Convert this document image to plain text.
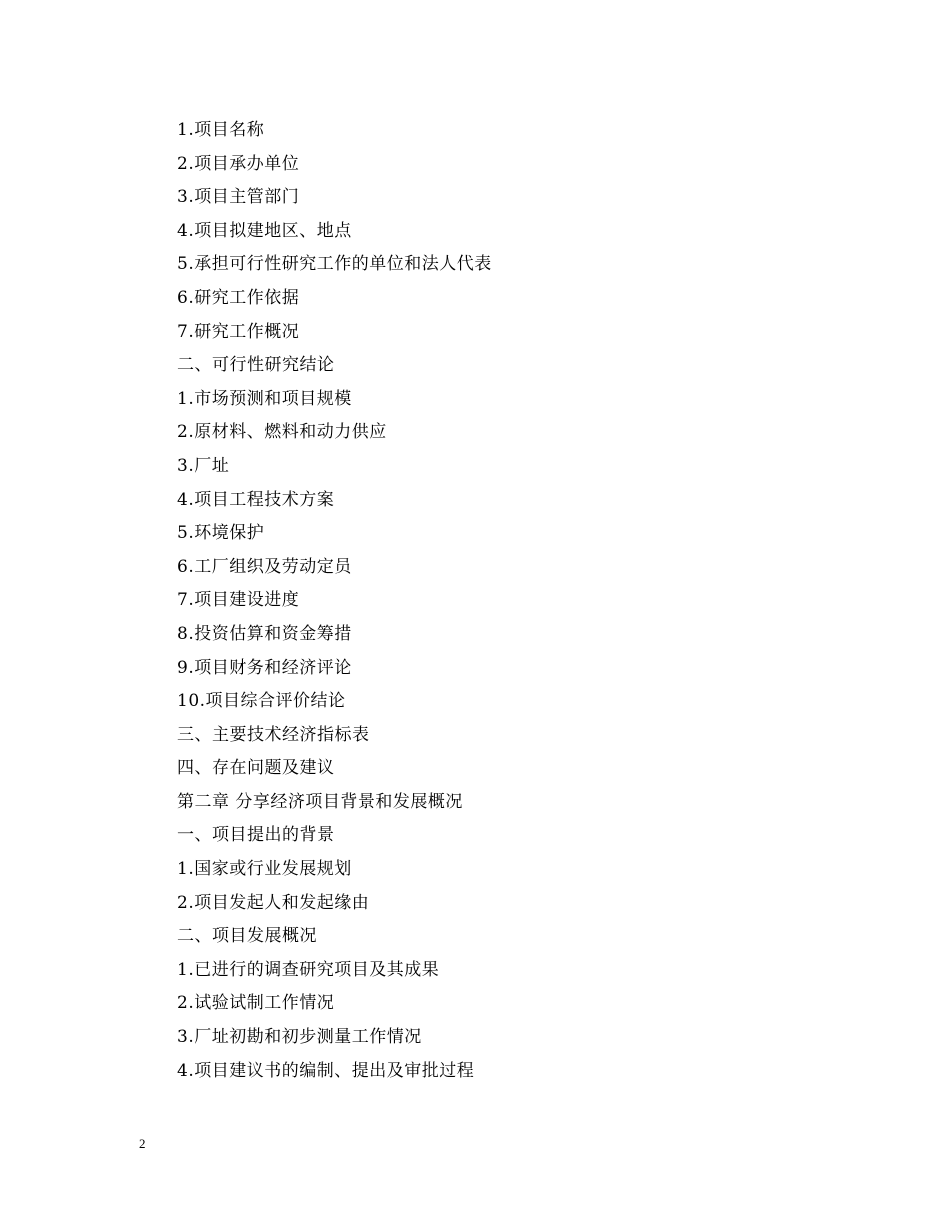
1.项目名称
2.项目承办单位
3.项目主管部门
4.项目拟建地区、地点
5.承担可行性研究工作的单位和法人代表
6.研究工作依据
7.研究工作概况
二、可行性研究结论
1.市场预测和项目规模
2.原材料、燃料和动力供应
3.厂址
4.项目工程技术方案
5.环境保护
6.工厂组织及劳动定员
7.项目建设进度
8.投资估算和资金筹措
9.项目财务和经济评论
10.项目综合评价结论
三、主要技术经济指标表
四、存在问题及建议
第二章 分享经济项目背景和发展概况
一、项目提出的背景
1.国家或行业发展规划
2.项目发起人和发起缘由
二、项目发展概况
1.已进行的调查研究项目及其成果
2.试验试制工作情况
3.厂址初勘和初步测量工作情况
4.项目建议书的编制、提出及审批过程
2
